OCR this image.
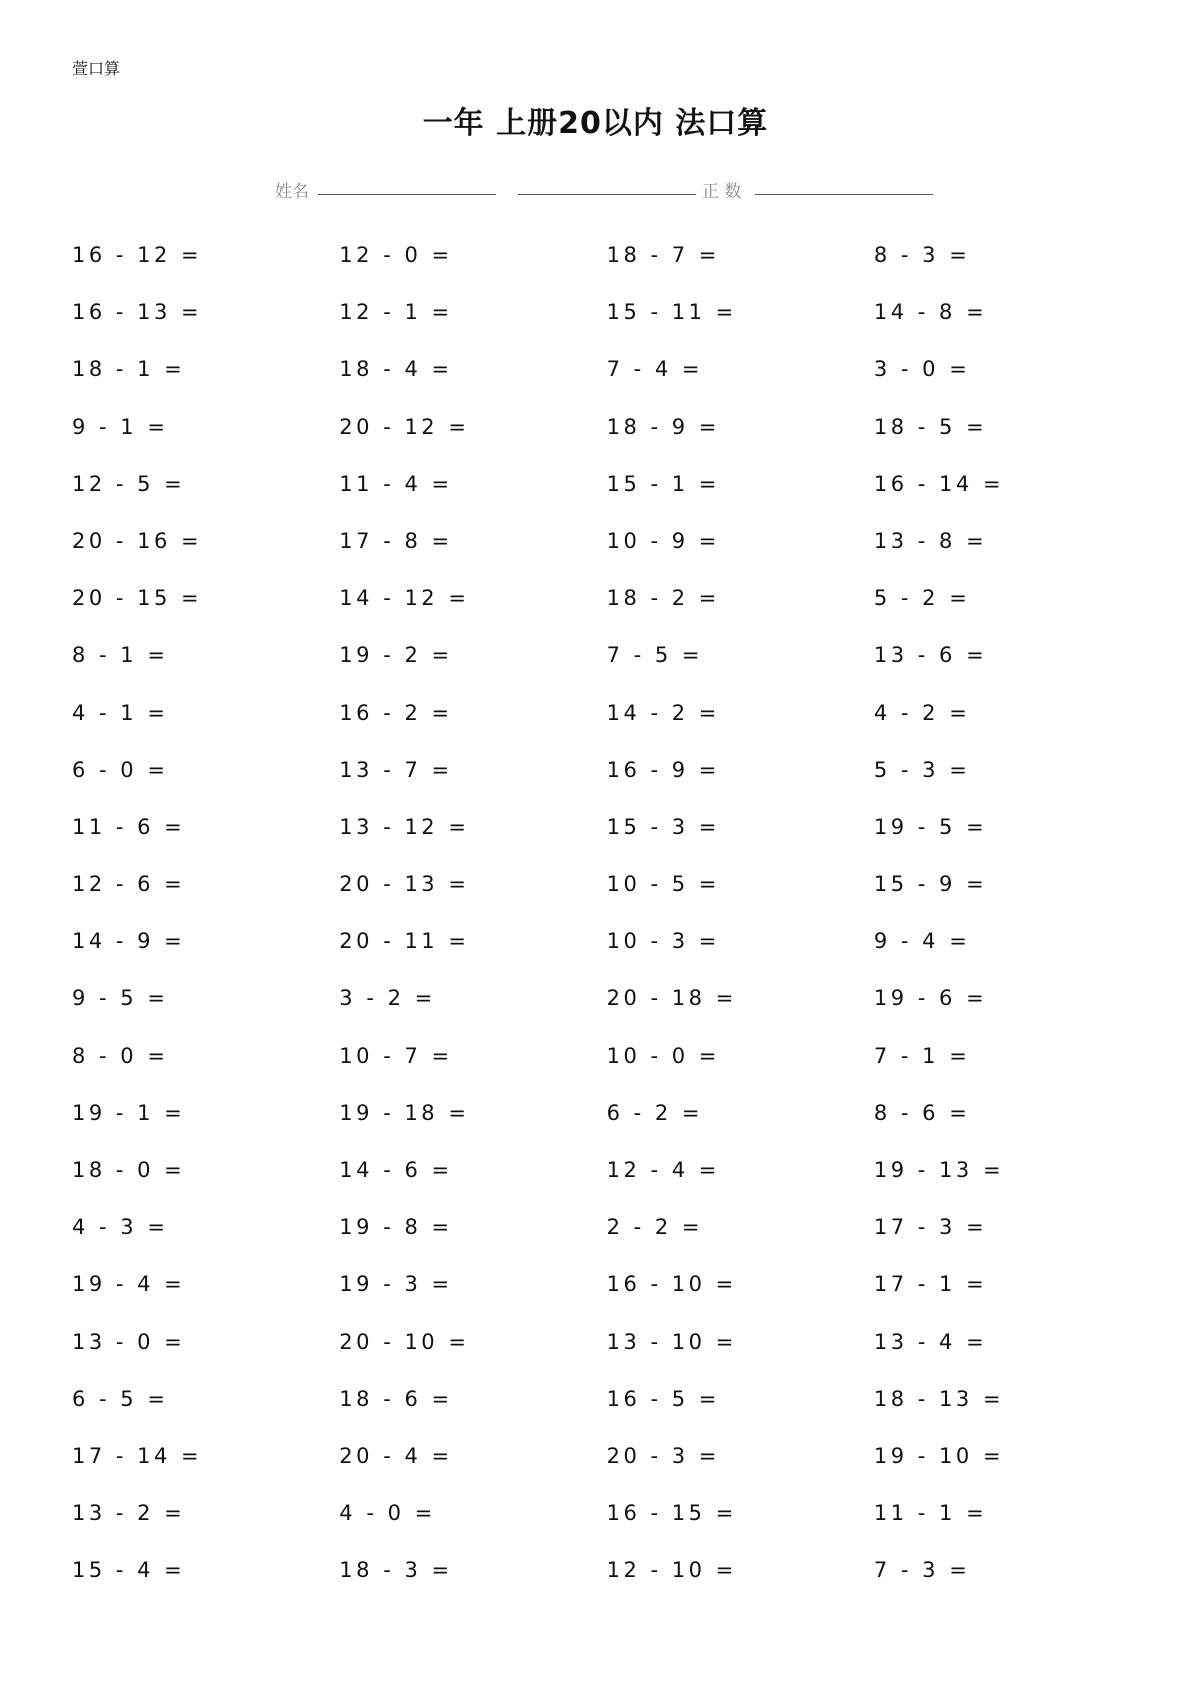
萱口算
一年 上册20以内 法口算
姓名	正 数
16 - 12 =	12 - 0 =	18 - 7 =	8 - 3 =
16 - 13 =	12 - 1 =	15 - 11 =	14 - 8 =
18 - 1 =	18 - 4 =	7 - 4 =	3 - 0 =
9 - 1 =	20 - 12 =	18 - 9 =	18 - 5 =
12 - 5 =	11 - 4 =	15 - 1 =	16 - 14 =
20 - 16 =	17 - 8 =	10 - 9 =	13 - 8 =
20 - 15 =	14 - 12 =	18 - 2 =	5 - 2 =
8 - 1 =	19 - 2 =	7 - 5 =	13 - 6 =
4 - 1 =	16 - 2 =	14 - 2 =	4 - 2 =
6 - 0 =	13 - 7 =	16 - 9 =	5 - 3 =
11 - 6 =	13 - 12 =	15 - 3 =	19 - 5 =
12 - 6 =	20 - 13 =	10 - 5 =	15 - 9 =
14 - 9 =	20 - 11 =	10 - 3 =	9 - 4 =
9 - 5 =	3 - 2 =	20 - 18 =	19 - 6 =
8 - 0 =	10 - 7 =	10 - 0 =	7 - 1 =
19 - 1 =	19 - 18 =	6 - 2 =	8 - 6 =
18 - 0 =	14 - 6 =	12 - 4 =	19 - 13 =
4 - 3 =	19 - 8 =	2 - 2 =	17 - 3 =
19 - 4 =	19 - 3 =	16 - 10 =	17 - 1 =
13 - 0 =	20 - 10 =	13 - 10 =	13 - 4 =
6 - 5 =	18 - 6 =	16 - 5 =	18 - 13 =
17 - 14 =	20 - 4 =	20 - 3 =	19 - 10 =
13 - 2 =	4 - 0 =	16 - 15 =	11 - 1 =
15 - 4 =	18 - 3 =	12 - 10 =	7 - 3 =
